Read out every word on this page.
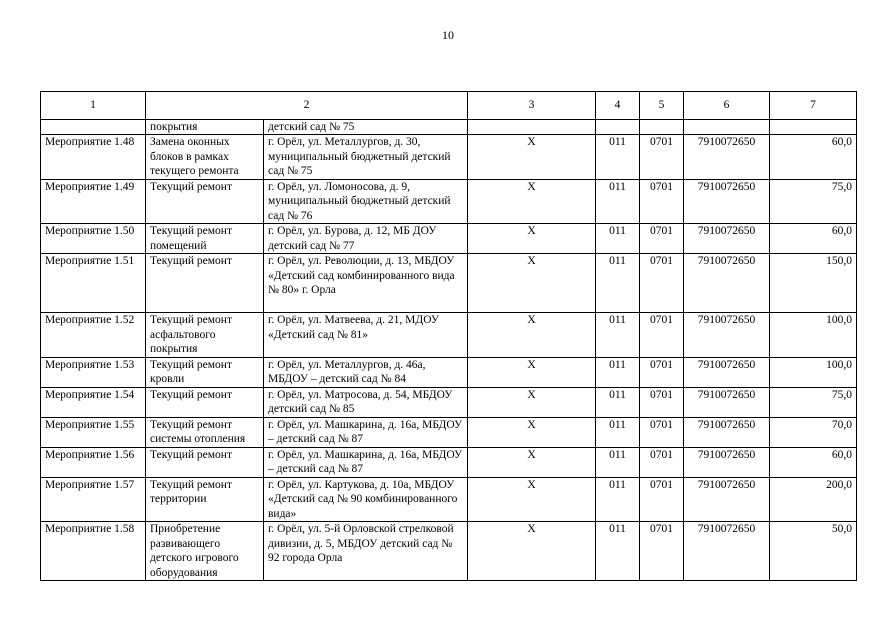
10
1	2		3	4	5	6	7
	покрытия	детский сад № 75					
Мероприятие 1.48	Замена оконных блоков в рамках текущего ремонта	г. Орёл, ул. Металлургов, д. 30, муниципальный бюджетный детский сад № 75	Х	011	0701	7910072650	60,0
Мероприятие 1.49	Текущий ремонт	г. Орёл, ул. Ломоносова, д. 9, муниципальный бюджетный детский сад № 76	Х	011	0701	7910072650	75,0
Мероприятие 1.50	Текущий ремонт помещений	г. Орёл, ул. Бурова, д. 12, МБ ДОУ детский сад № 77	Х	011	0701	7910072650	60,0
Мероприятие 1.51	Текущий ремонт	г. Орёл, ул. Революции, д. 13, МБДОУ «Детский сад комбинированного вида № 80» г. Орла	Х	011	0701	7910072650	150,0
Мероприятие 1.52	Текущий ремонт асфальтового покрытия	г. Орёл, ул. Матвеева, д. 21, МДОУ «Детский сад № 81»	Х	011	0701	7910072650	100,0
Мероприятие 1.53	Текущий ремонт кровли	г. Орёл, ул. Металлургов, д. 46а, МБДОУ – детский сад № 84	Х	011	0701	7910072650	100,0
Мероприятие 1.54	Текущий ремонт	г. Орёл, ул. Матросова, д. 54, МБДОУ детский сад № 85	Х	011	0701	7910072650	75,0
Мероприятие 1.55	Текущий ремонт системы отопления	г. Орёл, ул. Машкарина, д. 16а, МБДОУ – детский сад № 87	Х	011	0701	7910072650	70,0
Мероприятие 1.56	Текущий ремонт	г. Орёл, ул. Машкарина, д. 16а, МБДОУ – детский сад № 87	Х	011	0701	7910072650	60,0
Мероприятие 1.57	Текущий ремонт территории	г. Орёл, ул. Картукова, д. 10а, МБДОУ «Детский сад № 90 комбинированного вида»	Х	011	0701	7910072650	200,0
Мероприятие 1.58	Приобретение развивающего детского игрового оборудования	г. Орёл, ул. 5-й Орловской стрелковой дивизии, д. 5, МБДОУ детский сад № 92 города Орла	Х	011	0701	7910072650	50,0
